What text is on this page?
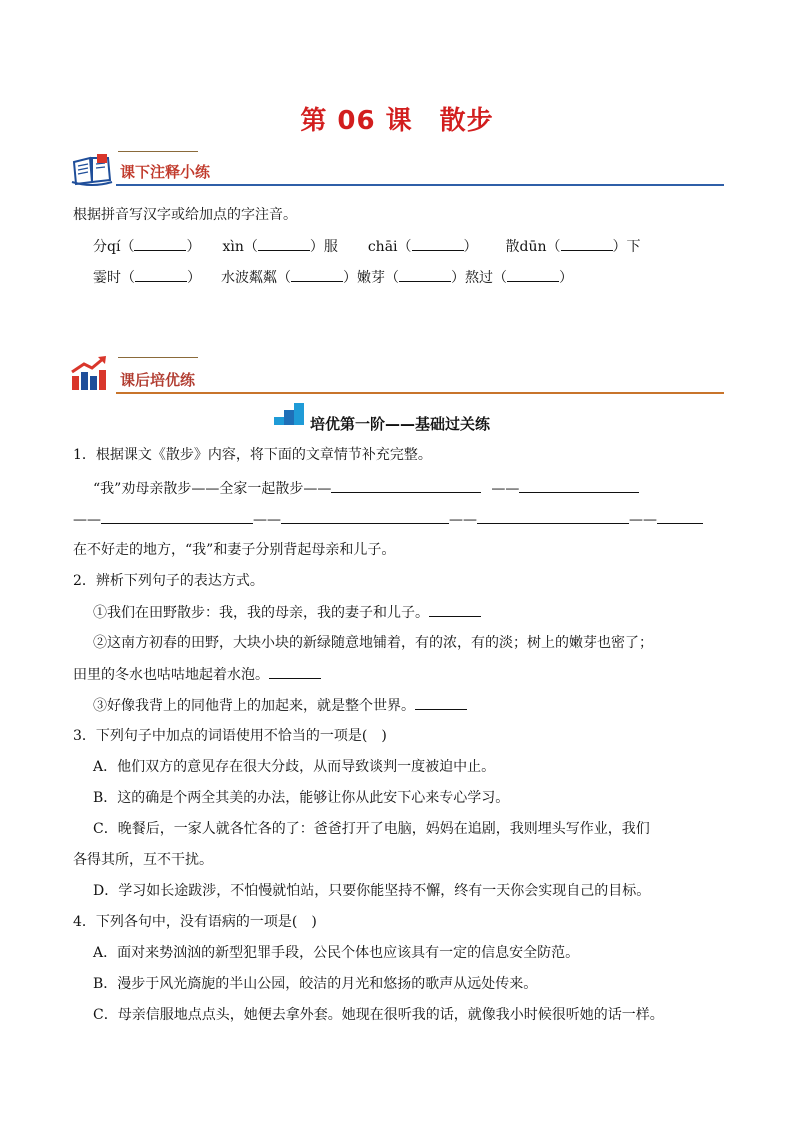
第 06 课　散步
课下注释小练
根据拼音写汉字或给加点的字注音。
分qí（	） xìn（	）服 chāi（	） 散dūn（	）下
霎时（	） 水波粼粼（	）嫩芽（	）熬过（	）
课后培优练
培优第一阶——基础过关练
1．根据课文《散步》内容，将下面的文章情节补充完整。
“我”劝母亲散步——全家一起散步——	——
——	——	——	——
在不好走的地方，“我”和妻子分别背起母亲和儿子。
2．辨析下列句子的表达方式。
①我们在田野散步：我，我的母亲，我的妻子和儿子。
②这南方初春的田野，大块小块的新绿随意地铺着，有的浓，有的淡；树上的嫩芽也密了；
田里的冬水也咕咕地起着水泡。
③好像我背上的同他背上的加起来，就是整个世界。
3．下列句子中加点的词语使用不恰当的一项是(　)
A．他们双方的意见存在很大分歧，从而导致谈判一度被迫中止。
B．这的确是个两全其美的办法，能够让你从此安下心来专心学习。
C．晚餐后，一家人就各忙各的了：爸爸打开了电脑，妈妈在追剧，我则埋头写作业，我们
各得其所，互不干扰。
D．学习如长途跋涉，不怕慢就怕站，只要你能坚持不懈，终有一天你会实现自己的目标。
4．下列各句中，没有语病的一项是(　)
A．面对来势汹汹的新型犯罪手段，公民个体也应该具有一定的信息安全防范。
B．漫步于风光旖旎的半山公园，皎洁的月光和悠扬的歌声从远处传来。
C．母亲信服地点点头，她便去拿外套。她现在很听我的话，就像我小时候很听她的话一样。
